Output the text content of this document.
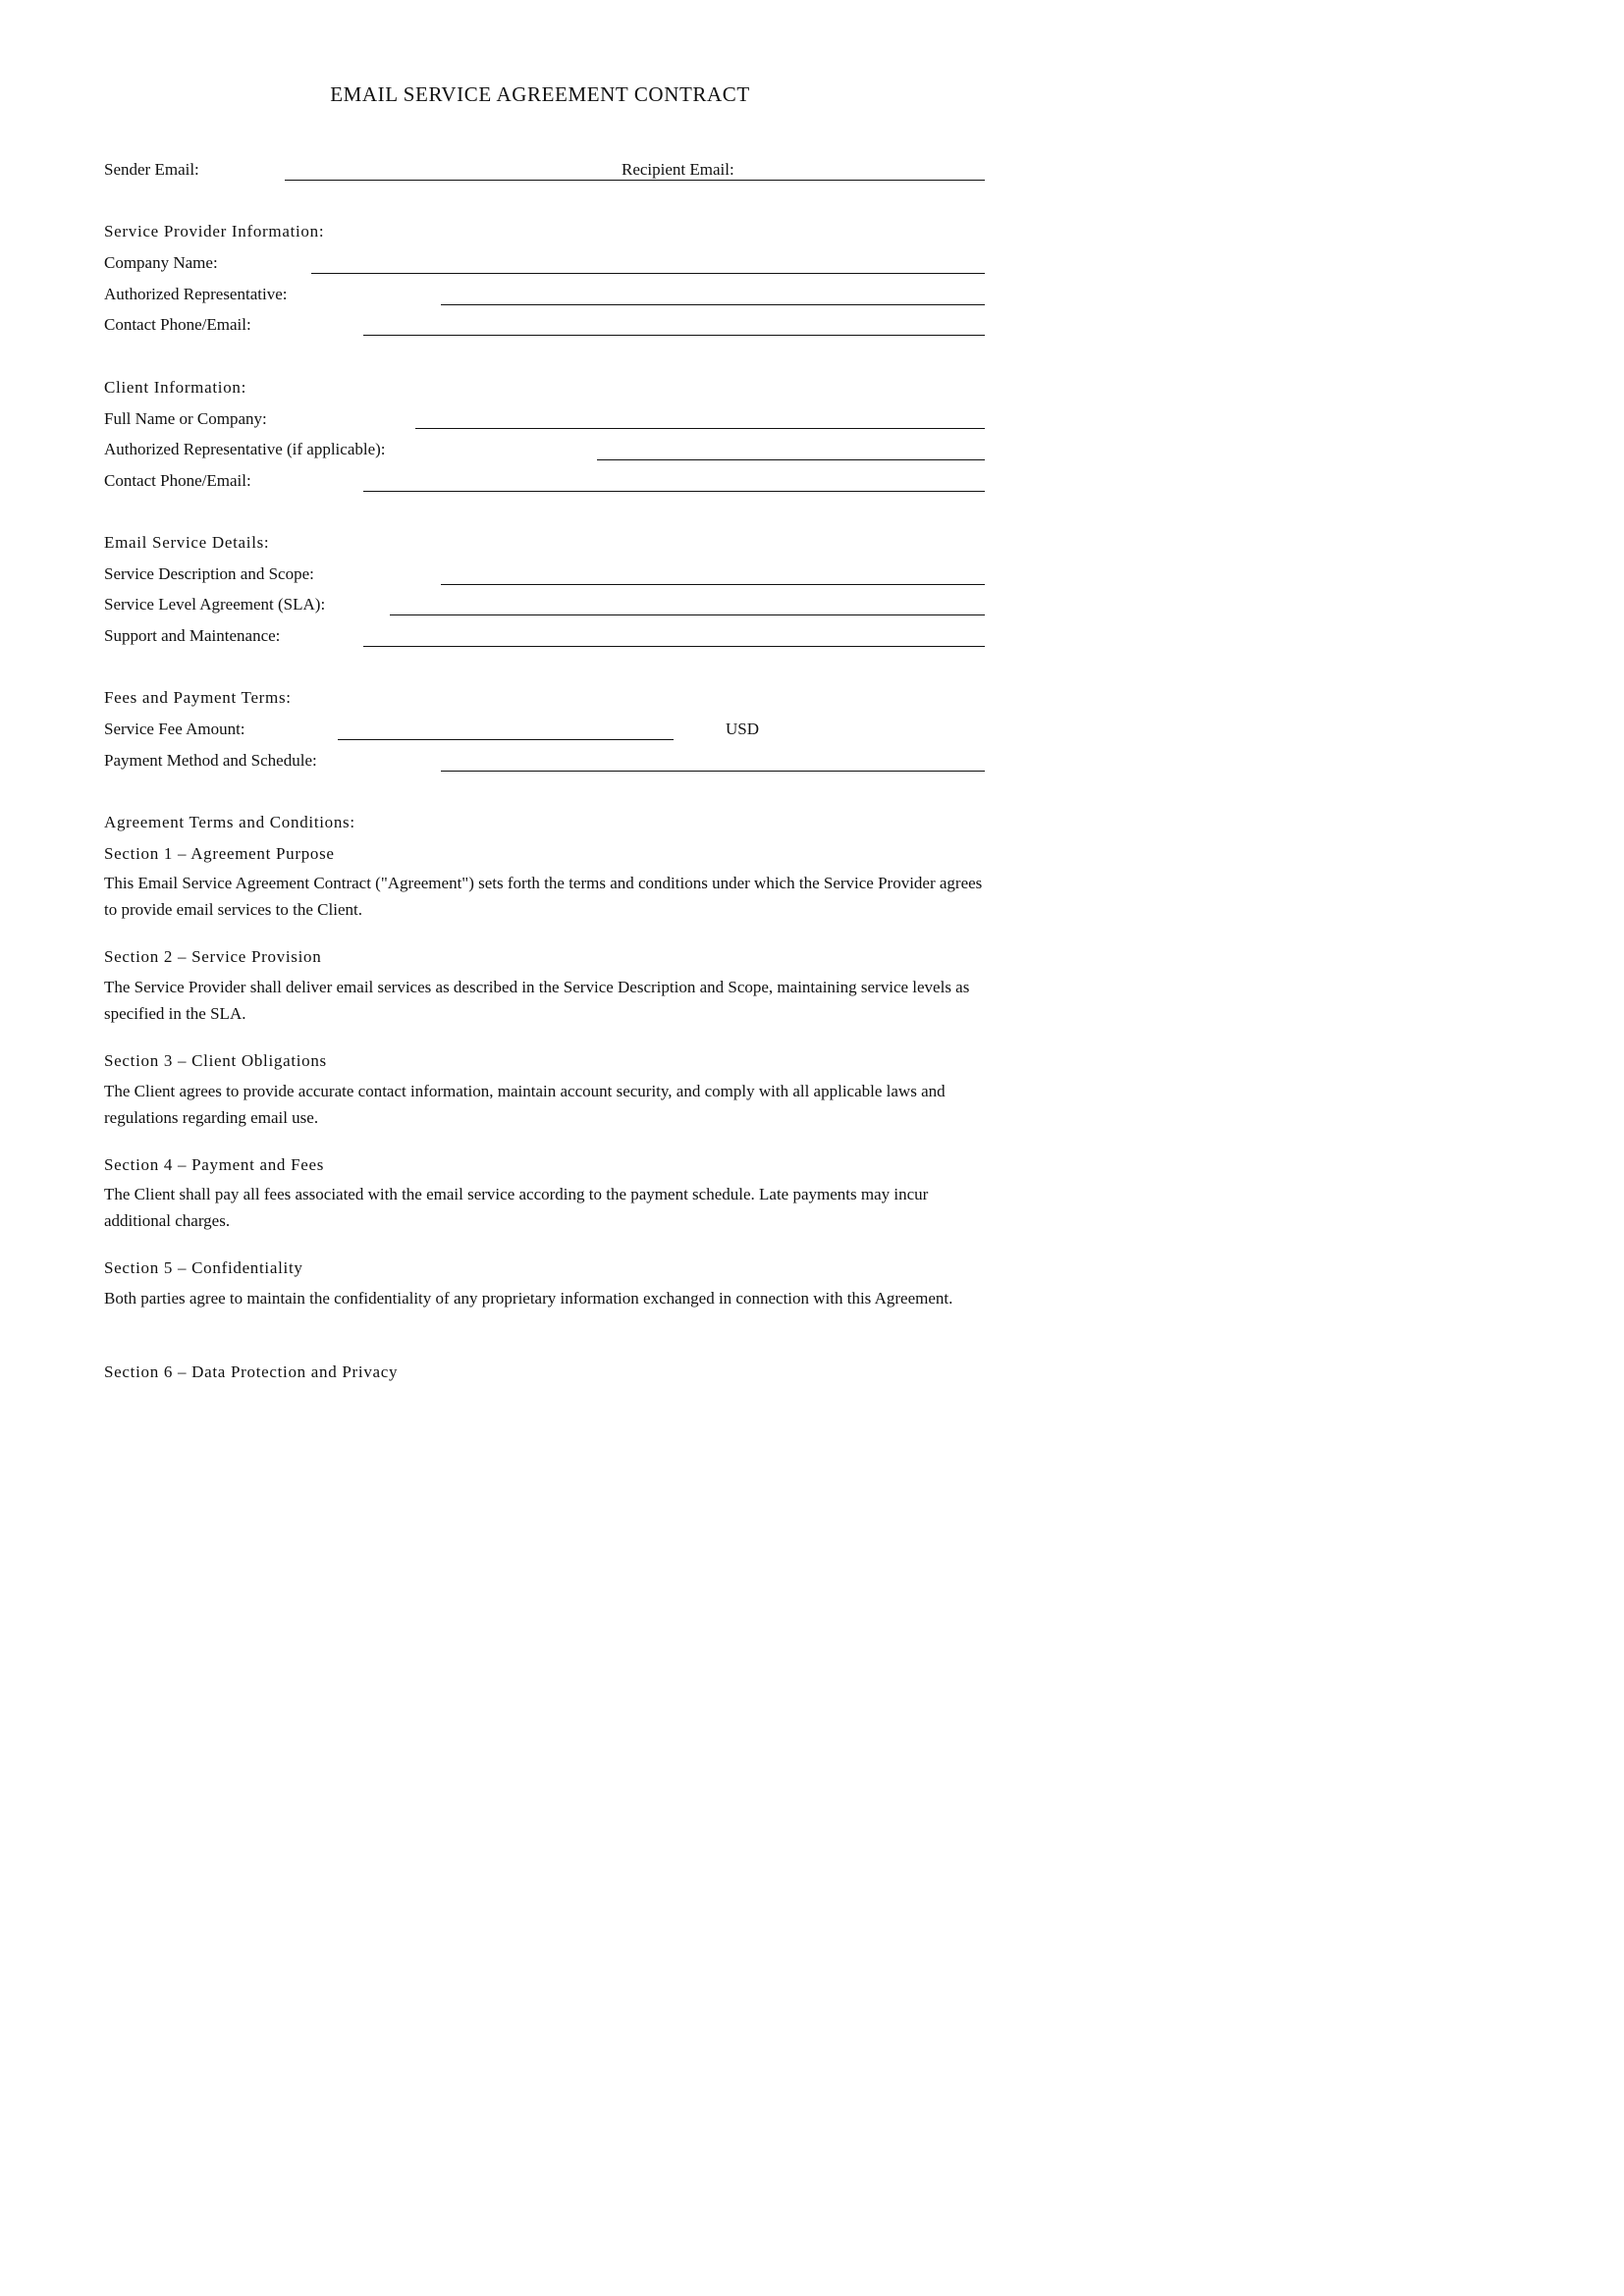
EMAIL SERVICE AGREEMENT CONTRACT
Sender Email:	Recipient Email:
Service Provider Information:
Company Name:
Authorized Representative:
Contact Phone/Email:
Client Information:
Full Name or Company:
Authorized Representative (if applicable):
Contact Phone/Email:
Email Service Details:
Service Description and Scope:
Service Level Agreement (SLA):
Support and Maintenance:
Fees and Payment Terms:
Service Fee Amount:	USD
Payment Method and Schedule:
Agreement Terms and Conditions:
Section 1 – Agreement Purpose
This Email Service Agreement Contract ("Agreement") sets forth the terms and conditions under which the Service Provider agrees to provide email services to the Client.
Section 2 – Service Provision
The Service Provider shall deliver email services as described in the Service Description and Scope, maintaining service levels as specified in the SLA.
Section 3 – Client Obligations
The Client agrees to provide accurate contact information, maintain account security, and comply with all applicable laws and regulations regarding email use.
Section 4 – Payment and Fees
The Client shall pay all fees associated with the email service according to the payment schedule. Late payments may incur additional charges.
Section 5 – Confidentiality
Both parties agree to maintain the confidentiality of any proprietary information exchanged in connection with this Agreement.
Section 6 – Data Protection and Privacy
